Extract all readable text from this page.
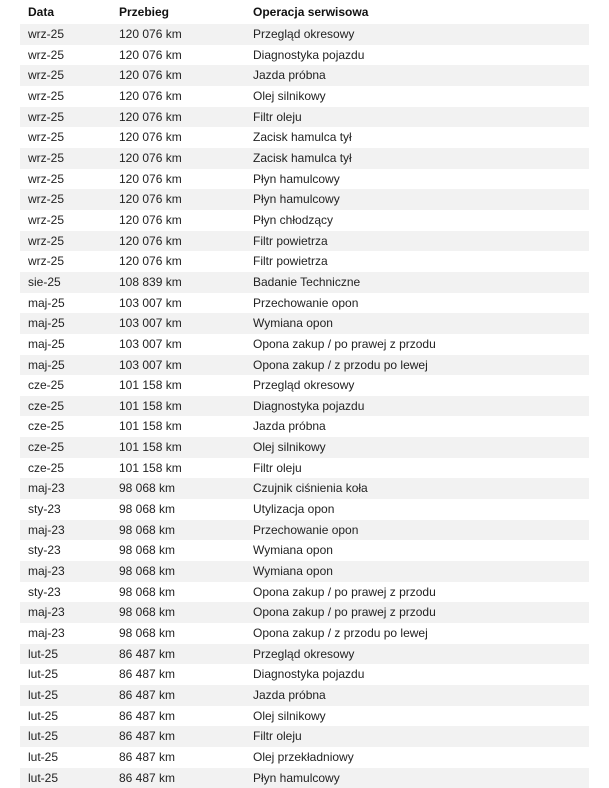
Data	Przebieg	Operacja serwisowa
wrz-25	120 076 km	Przegląd okresowy
wrz-25	120 076 km	Diagnostyka pojazdu
wrz-25	120 076 km	Jazda próbna
wrz-25	120 076 km	Olej silnikowy
wrz-25	120 076 km	Filtr oleju
wrz-25	120 076 km	Zacisk hamulca tył
wrz-25	120 076 km	Zacisk hamulca tył
wrz-25	120 076 km	Płyn hamulcowy
wrz-25	120 076 km	Płyn hamulcowy
wrz-25	120 076 km	Płyn chłodzący
wrz-25	120 076 km	Filtr powietrza
wrz-25	120 076 km	Filtr powietrza
sie-25	108 839 km	Badanie Techniczne
maj-25	103 007 km	Przechowanie opon
maj-25	103 007 km	Wymiana opon
maj-25	103 007 km	Opona zakup / po prawej z przodu
maj-25	103 007 km	Opona zakup / z przodu po lewej
cze-25	101 158 km	Przegląd okresowy
cze-25	101 158 km	Diagnostyka pojazdu
cze-25	101 158 km	Jazda próbna
cze-25	101 158 km	Olej silnikowy
cze-25	101 158 km	Filtr oleju
maj-23	98 068 km	Czujnik ciśnienia koła
sty-23	98 068 km	Utylizacja opon
maj-23	98 068 km	Przechowanie opon
sty-23	98 068 km	Wymiana opon
maj-23	98 068 km	Wymiana opon
sty-23	98 068 km	Opona zakup / po prawej z przodu
maj-23	98 068 km	Opona zakup / po prawej z przodu
maj-23	98 068 km	Opona zakup / z przodu po lewej
lut-25	86 487 km	Przegląd okresowy
lut-25	86 487 km	Diagnostyka pojazdu
lut-25	86 487 km	Jazda próbna
lut-25	86 487 km	Olej silnikowy
lut-25	86 487 km	Filtr oleju
lut-25	86 487 km	Olej przekładniowy
lut-25	86 487 km	Płyn hamulcowy
